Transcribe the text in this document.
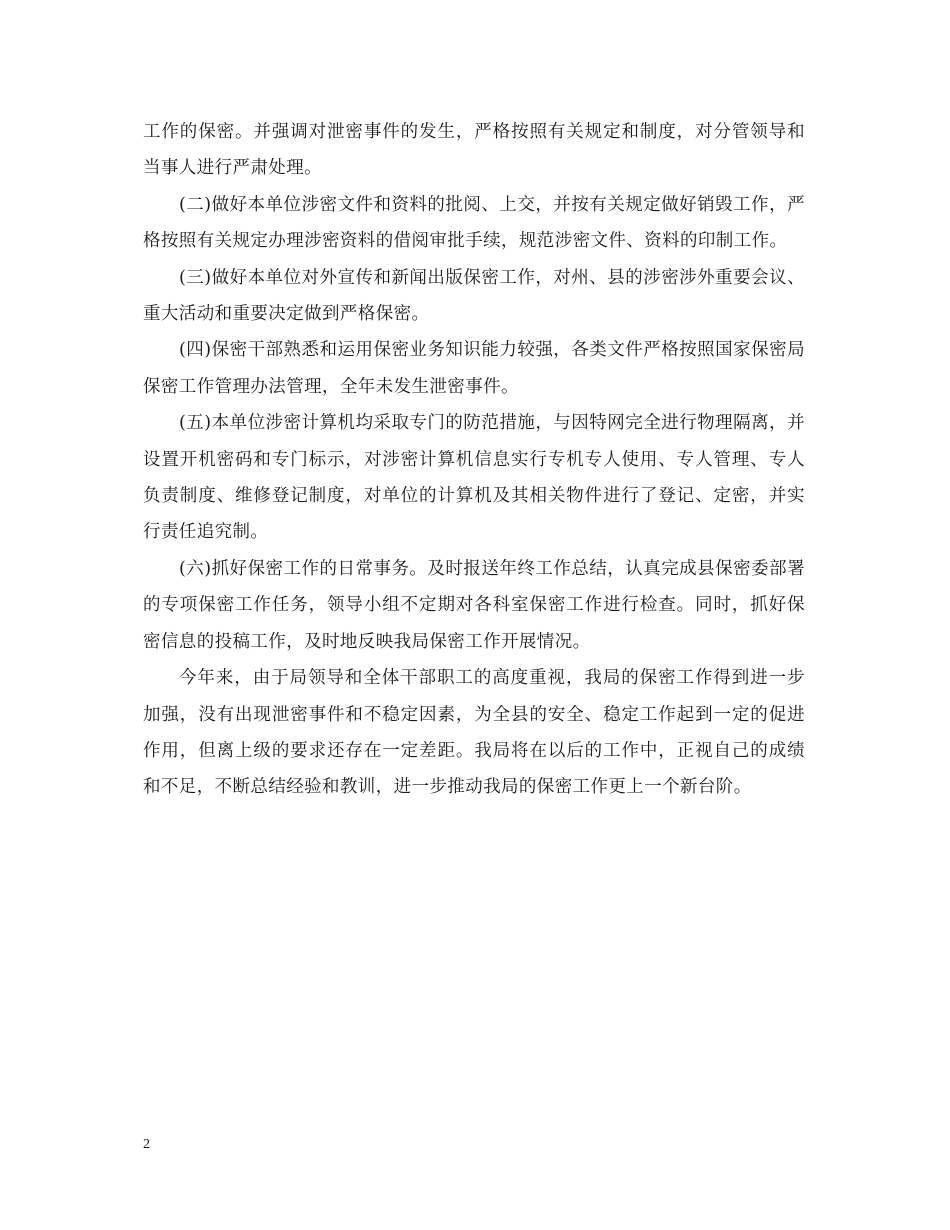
工作的保密。并强调对泄密事件的发生，严格按照有关规定和制度，对分管领导和当事人进行严肃处理。

(二)做好本单位涉密文件和资料的批阅、上交，并按有关规定做好销毁工作，严格按照有关规定办理涉密资料的借阅审批手续，规范涉密文件、资料的印制工作。

(三)做好本单位对外宣传和新闻出版保密工作，对州、县的涉密涉外重要会议、重大活动和重要决定做到严格保密。

(四)保密干部熟悉和运用保密业务知识能力较强，各类文件严格按照国家保密局保密工作管理办法管理，全年未发生泄密事件。

(五)本单位涉密计算机均采取专门的防范措施，与因特网完全进行物理隔离，并设置开机密码和专门标示，对涉密计算机信息实行专机专人使用、专人管理、专人负责制度、维修登记制度，对单位的计算机及其相关物件进行了登记、定密，并实行责任追究制。

(六)抓好保密工作的日常事务。及时报送年终工作总结，认真完成县保密委部署的专项保密工作任务，领导小组不定期对各科室保密工作进行检查。同时，抓好保密信息的投稿工作，及时地反映我局保密工作开展情况。

今年来，由于局领导和全体干部职工的高度重视，我局的保密工作得到进一步加强，没有出现泄密事件和不稳定因素，为全县的安全、稳定工作起到一定的促进作用，但离上级的要求还存在一定差距。我局将在以后的工作中，正视自己的成绩和不足，不断总结经验和教训，进一步推动我局的保密工作更上一个新台阶。

2
